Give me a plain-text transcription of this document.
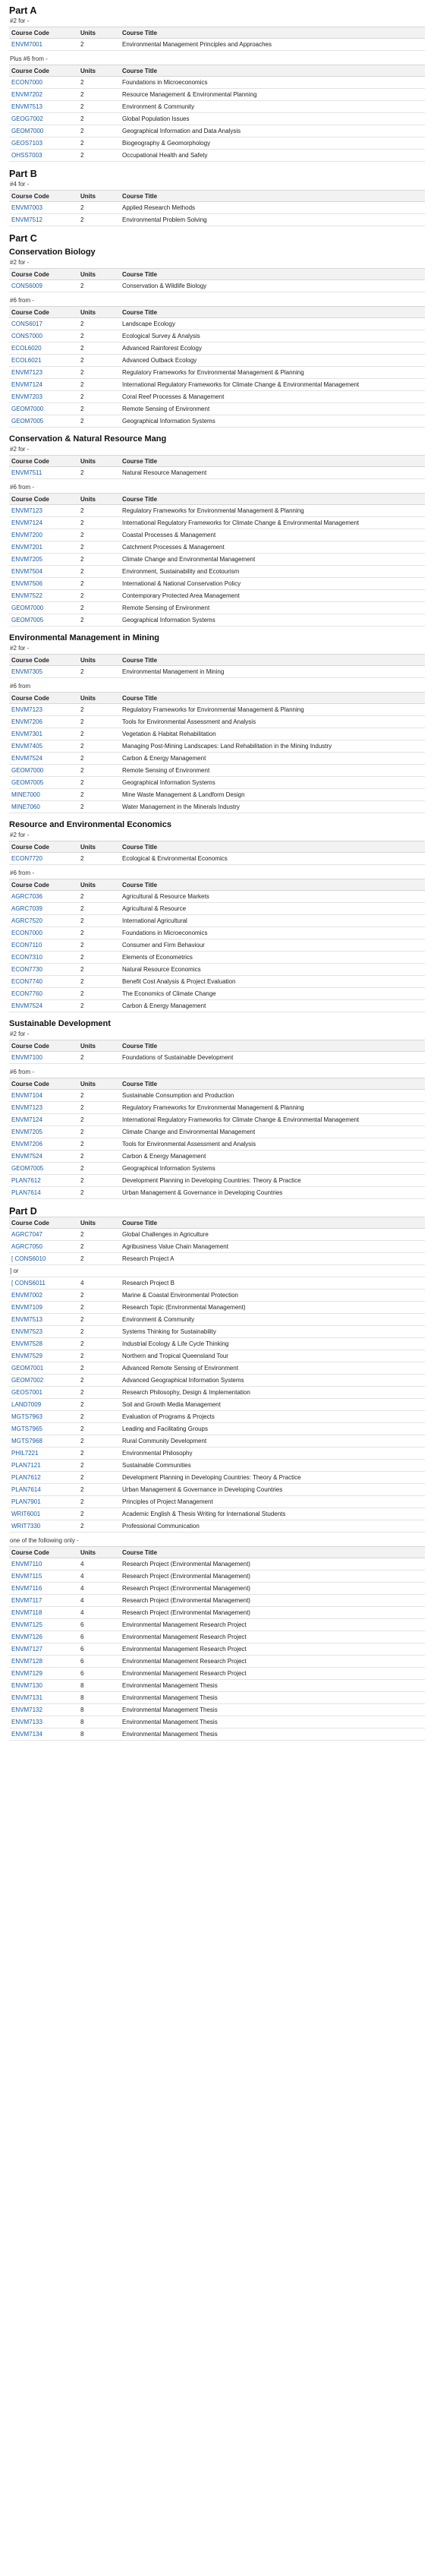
Part A
#2 for -
Course Code	Units	Course Title
ENVM7001	2	Environmental Management Principles and Approaches
Plus #6 from -
Course Code	Units	Course Title
ECON7000	2	Foundations in Microeconomics
ENVM7202	2	Resource Management & Environmental Planning
ENVM7513	2	Environment & Community
GEOG7002	2	Global Population Issues
GEOM7000	2	Geographical Information and Data Analysis
GEOS7103	2	Biogeography & Geomorphology
OHSS7003	2	Occupational Health and Safety
Part B
#4 for -
Course Code	Units	Course Title
ENVM7003	2	Applied Research Methods
ENVM7512	2	Environmental Problem Solving
Part C
Conservation Biology
#2 for -
Course Code	Units	Course Title
CONS6009	2	Conservation & Wildlife Biology
#6 from -
Course Code	Units	Course Title
CONS6017	2	Landscape Ecology
CONS7000	2	Ecological Survey & Analysis
ECOL6020	2	Advanced Rainforest Ecology
ECOL6021	2	Advanced Outback Ecology
ENVM7123	2	Regulatory Frameworks for Environmental Management & Planning
ENVM7124	2	International Regulatory Frameworks for Climate Change & Environmental Management
ENVM7203	2	Coral Reef Processes & Management
GEOM7000	2	Remote Sensing of Environment
GEOM7005	2	Geographical Information Systems
Conservation & Natural Resource Mang
#2 for -
Course Code	Units	Course Title
ENVM7511	2	Natural Resource Management
#6 from -
Course Code	Units	Course Title
ENVM7123	2	Regulatory Frameworks for Environmental Management & Planning
ENVM7124	2	International Regulatory Frameworks for Climate Change & Environmental Management
ENVM7200	2	Coastal Processes & Management
ENVM7201	2	Catchment Processes & Management
ENVM7205	2	Climate Change and Environmental Management
ENVM7504	2	Environment, Sustainability and Ecotourism
ENVM7506	2	International & National Conservation Policy
ENVM7522	2	Contemporary Protected Area Management
GEOM7000	2	Remote Sensing of Environment
GEOM7005	2	Geographical Information Systems
Environmental Management in Mining
#2 for -
Course Code	Units	Course Title
ENVM7305	2	Environmental Management in Mining
#6 from
Course Code	Units	Course Title
ENVM7123	2	Regulatory Frameworks for Environmental Management & Planning
ENVM7206	2	Tools for Environmental Assessment and Analysis
ENVM7301	2	Vegetation & Habitat Rehabilitation
ENVM7405	2	Managing Post-Mining Landscapes: Land Rehabilitation in the Mining Industry
ENVM7524	2	Carbon & Energy Management
GEOM7000	2	Remote Sensing of Environment
GEOM7005	2	Geographical Information Systems
MINE7000	2	Mine Waste Management & Landform Design
MINE7060	2	Water Management in the Minerals Industry
Resource and Environmental Economics
#2 for -
Course Code	Units	Course Title
ECON7720	2	Ecological & Environmental Economics
#6 from -
Course Code	Units	Course Title
AGRC7036	2	Agricultural & Resource Markets
AGRC7039	2	Agricultural & Resource
AGRC7520	2	International Agricultural
ECON7000	2	Foundations in Microeconomics
ECON7110	2	Consumer and Firm Behaviour
ECON7310	2	Elements of Econometrics
ECON7730	2	Natural Resource Economics
ECON7740	2	Benefit Cost Analysis & Project Evaluation
ECON7760	2	The Economics of Climate Change
ENVM7524	2	Carbon & Energy Management
Sustainable Development
#2 for -
Course Code	Units	Course Title
ENVM7100	2	Foundations of Sustainable Development
#6 from -
Course Code	Units	Course Title
ENVM7104	2	Sustainable Consumption and Production
ENVM7123	2	Regulatory Frameworks for Environmental Management & Planning
ENVM7124	2	International Regulatory Frameworks for Climate Change & Environmental Management
ENVM7205	2	Climate Change and Environmental Management
ENVM7206	2	Tools for Environmental Assessment and Analysis
ENVM7524	2	Carbon & Energy Management
GEOM7005	2	Geographical Information Systems
PLAN7612	2	Development Planning in Developing Countries: Theory & Practice
PLAN7614	2	Urban Management & Governance in Developing Countries
Part D
Course Code	Units	Course Title
AGRC7047	2	Global Challenges in Agriculture
AGRC7050	2	Agribusiness Value Chain Management
[ CONS6010	2	Research Project A
] or		
[ CONS6011	4	Research Project B
ENVM7002	2	Marine & Coastal Environmental Protection
ENVM7109	2	Research Topic (Environmental Management)
ENVM7513	2	Environment & Community
ENVM7523	2	Systems Thinking for Sustainability
ENVM7528	2	Industrial Ecology & Life Cycle Thinking
ENVM7529	2	Northern and Tropical Queensland Tour
GEOM7001	2	Advanced Remote Sensing of Environment
GEOM7002	2	Advanced Geographical Information Systems
GEOS7001	2	Research Philosophy, Design & Implementation
LAND7009	2	Soil and Growth Media Management
MGTS7963	2	Evaluation of Programs & Projects
MGTS7965	2	Leading and Facilitating Groups
MGTS7968	2	Rural Community Development
PHIL7221	2	Environmental Philosophy
PLAN7121	2	Sustainable Communities
PLAN7612	2	Development Planning in Developing Countries: Theory & Practice
PLAN7614	2	Urban Management & Governance in Developing Countries
PLAN7901	2	Principles of Project Management
WRIT6001	2	Academic English & Thesis Writing for International Students
WRIT7330	2	Professional Communication
one of the following only -
Course Code	Units	Course Title
ENVM7110	4	Research Project (Environmental Management)
ENVM7115	4	Research Project (Environmental Management)
ENVM7116	4	Research Project (Environmental Management)
ENVM7117	4	Research Project (Environmental Management)
ENVM7118	4	Research Project (Environmental Management)
ENVM7125	6	Environmental Management Research Project
ENVM7126	6	Environmental Management Research Project
ENVM7127	6	Environmental Management Research Project
ENVM7128	6	Environmental Management Research Project
ENVM7129	6	Environmental Management Research Project
ENVM7130	8	Environmental Management Thesis
ENVM7131	8	Environmental Management Thesis
ENVM7132	8	Environmental Management Thesis
ENVM7133	8	Environmental Management Thesis
ENVM7134	8	Environmental Management Thesis
